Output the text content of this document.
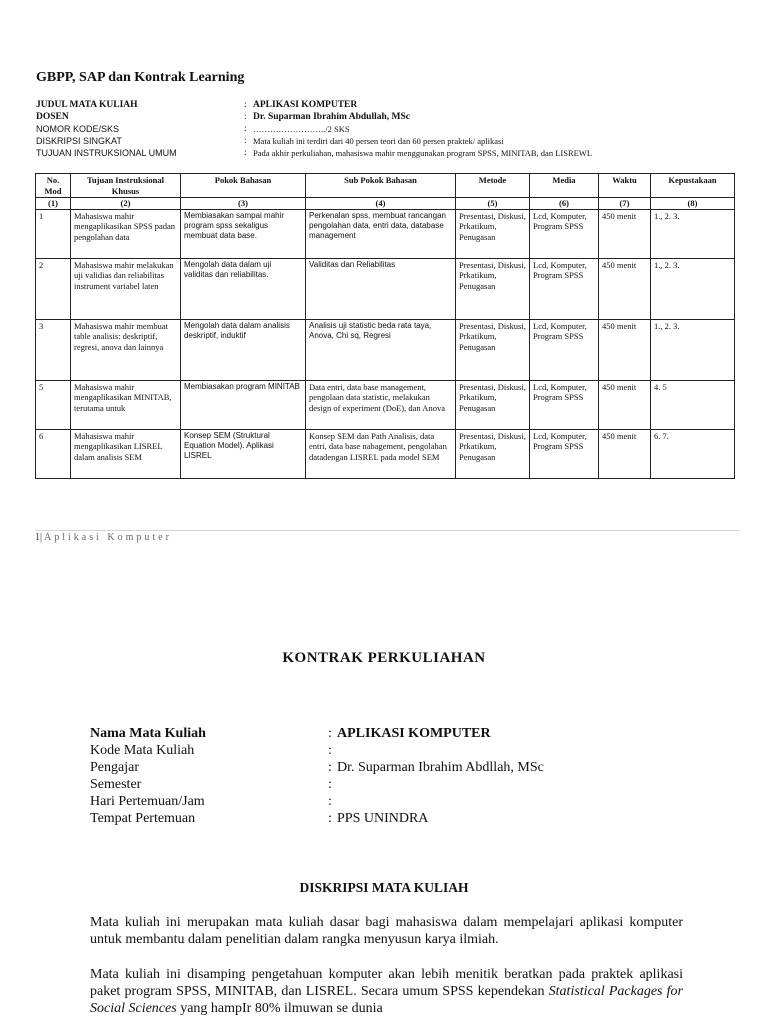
GBPP, SAP dan Kontrak Learning
JUDUL MATA KULIAH	: APLIKASI KOMPUTER
DOSEN	: Dr. Suparman Ibrahim Abdullah, MSc
NOMOR KODE/SKS	: ……………………../2 SKS
DISKRIPSI SINGKAT	: Mata kuliah ini terdiri dari 40 persen teori dan 60 persen praktek/ aplikasi
TUJUAN INSTRUKSIONAL UMUM	: Pada akhir perkuliahan, mahasiswa mahir menggunakan program SPSS, MINITAB, dan LISREWL
No. Mod	Tujuan Instruksional Khusus	Pokok Bahasan	Sub Pokok Bahasan	Metode	Media	Waktu	Kepustakaan
(1)	(2)	(3)	(4)	(5)	(6)	(7)	(8)
1	Mahasiswa mahir mengaplikasikan SPSS padan pengolahan data	Membiasakan sampai mahir program spss sekaligus membuat data base.	Perkenalan spss, membuat rancangan pengolahan data, entri data, database management	Presentasi, Diskusi, Prkatikum, Penugasan	Lcd, Komputer, Program SPSS	450 menit	1., 2. 3.
2	Mahasiswa mahir melakukan uji validias dan reliabilitas instrument variabel laten	Mengolah data dalam uji validitas dan reliabilitas.	Validitas dan Reliabilitas	Presentasi, Diskusi, Prkatikum, Penugasan	Lcd, Komputer, Program SPSS	450 menit	1., 2. 3.
3	Mahasiswa mahir membuat table analisis: deskriptif, regresi, anova dan lainnya	Mengolah data dalam analisis deskriptif, induktif	Analisis uji statistic beda rata taya, Anova, Chi sq, Regresi	Presentasi, Diskusi, Prkatikum, Penugasan	Lcd, Komputer, Program SPSS	450 menit	1., 2. 3.
5	Mahasiswa mahir mengaplikasikan MINITAB, terutama untuk	Membiasakan program MINITAB	Data entri, data base management, pengolaan data statistic, melakukan design of experiment (DoE), dan Anova	Presentasi, Diskusi, Prkatikum, Penugasan	Lcd, Komputer, Program SPSS	450 menit	4. 5
6	Mahasiswa mahir mengaplikasikan LISREL dalam analisis SEM	Konsep SEM (Struktural Equation Model). Aplikasi LISREL	Konsep SEM dan Path Analisis, data entri, data base nabagement, pengolahan datadengan LISREL pada model SEM	Presentasi, Diskusi, Prkatikum, Penugasan	Lcd, Komputer, Program SPSS	450 menit	6. 7.
1| Aplikasi Komputer
KONTRAK PERKULIAHAN
Nama Mata Kuliah	: APLIKASI KOMPUTER
Kode Mata Kuliah	:
Pengajar	: Dr. Suparman Ibrahim Abdllah, MSc
Semester	:
Hari Pertemuan/Jam	:
Tempat Pertemuan	: PPS UNINDRA
DISKRIPSI MATA KULIAH
Mata kuliah ini merupakan mata kuliah dasar bagi mahasiswa dalam mempelajari aplikasi komputer untuk membantu dalam penelitian dalam rangka menyusun karya ilmiah.
Mata kuliah ini disamping pengetahuan komputer akan lebih menitik beratkan pada praktek aplikasi paket program SPSS, MINITAB, dan LISREL. Secara umum SPSS kependekan Statistical Packages for Social Sciences yang hampIr 80% ilmuwan se dunia
